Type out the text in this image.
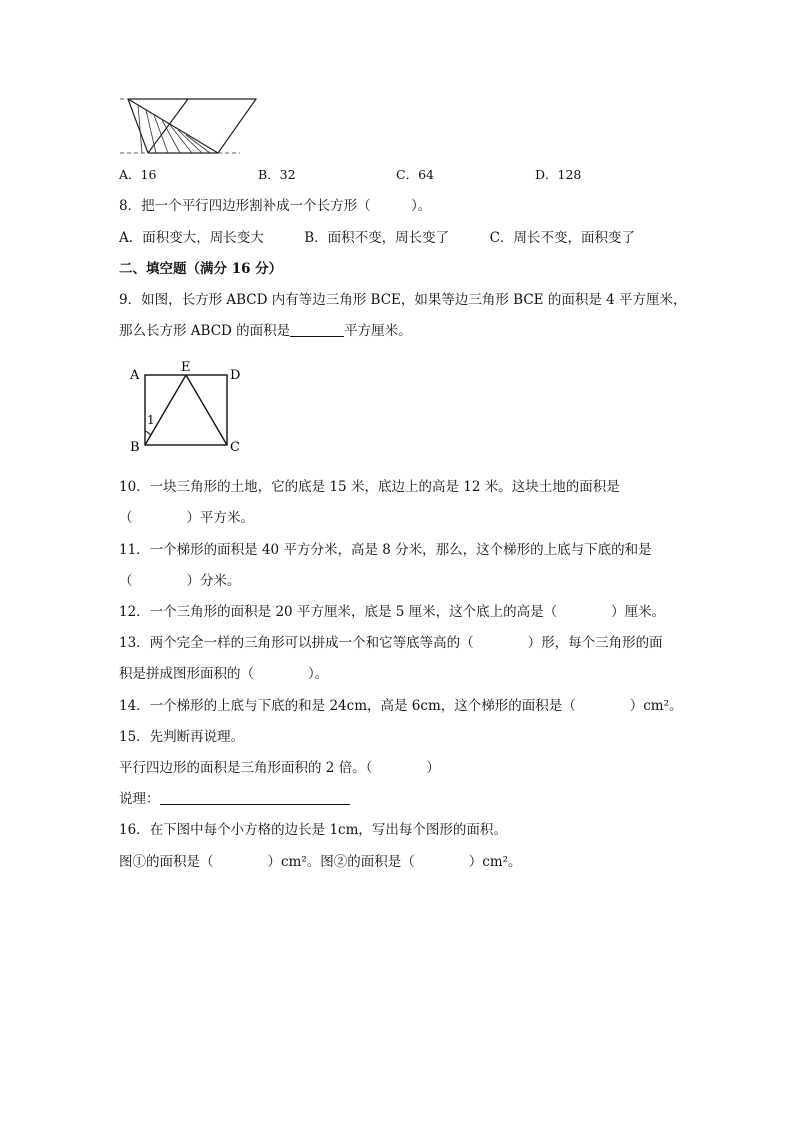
A．16	B．32	C．64	D．128
8．把一个平行四边形割补成一个长方形（　　　）。
A．面积变大，周长变大　　　B．面积不变，周长变了　　　C．周长不变，面积变了
二、填空题（满分 16 分）
9．如图，长方形 ABCD 内有等边三角形 BCE，如果等边三角形 BCE 的面积是 4 平方厘米，
那么长方形 ABCD 的面积是	平方厘米。
A
E
D
B	C
1
10．一块三角形的土地，它的底是 15 米，底边上的高是 12 米。这块土地的面积是
（　　　　）平方米。
11．一个梯形的面积是 40 平方分米，高是 8 分米，那么，这个梯形的上底与下底的和是
（　　　　）分米。
12．一个三角形的面积是 20 平方厘米，底是 5 厘米，这个底上的高是（　　　　）厘米。
13．两个完全一样的三角形可以拼成一个和它等底等高的（　　　　）形，每个三角形的面
积是拼成图形面积的（　　　　）。
14．一个梯形的上底与下底的和是 24cm，高是 6cm，这个梯形的面积是（　　　　）cm²。
15．先判断再说理。
平行四边形的面积是三角形面积的 2 倍。（　　　　）
说理：
16．在下图中每个小方格的边长是 1cm，写出每个图形的面积。
图①的面积是（　　　　）cm²。图②的面积是（　　　　）cm²。
